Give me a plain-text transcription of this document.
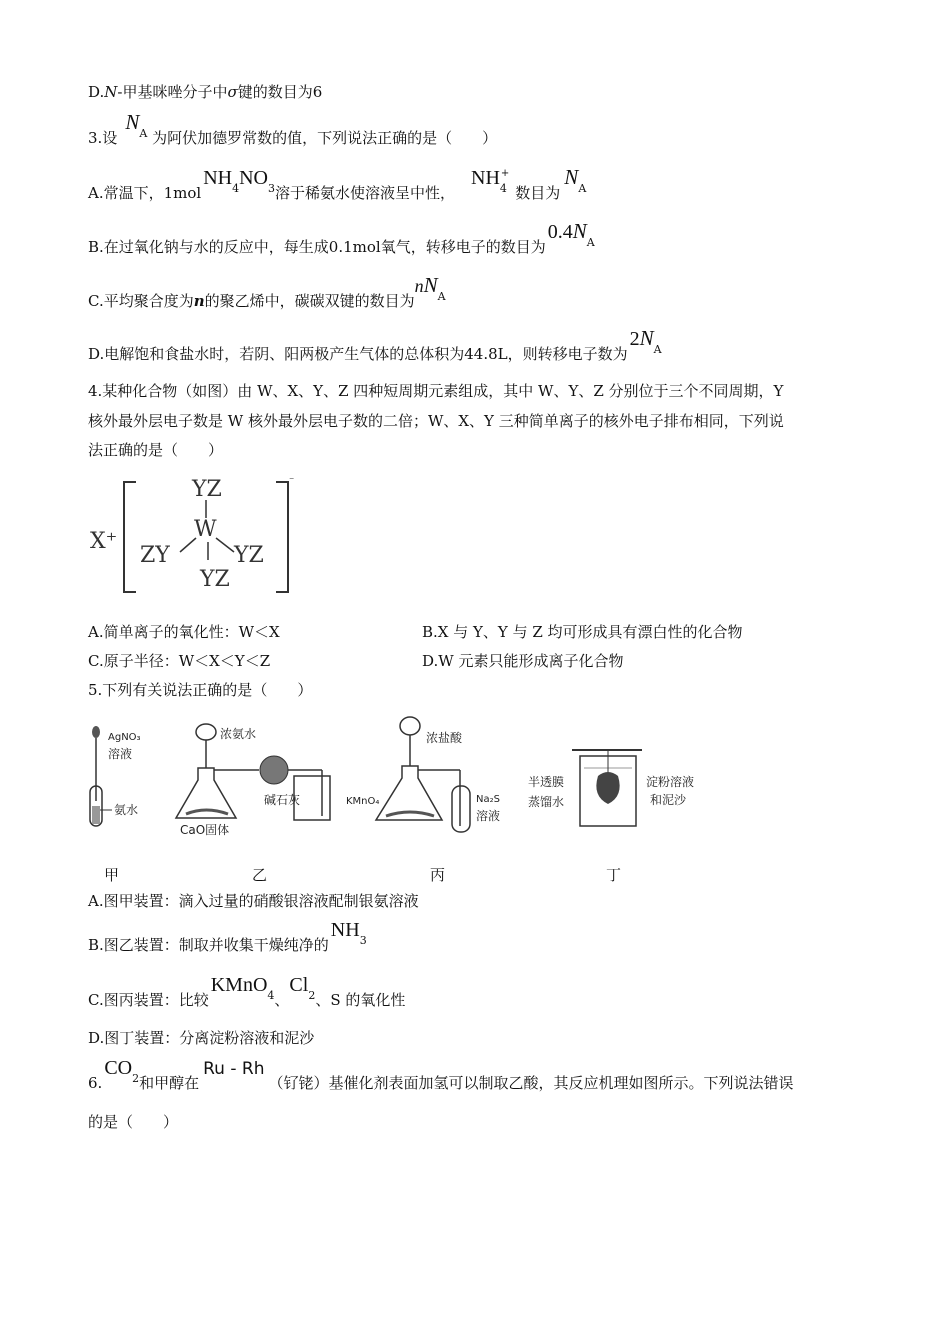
D.N-甲基咪唑分子中σ键的数目为6
3.设$N^A$ 为阿伏加德罗常数的值，下列说法正确的是（　　）
A.常温下，$1molNH^4NO^3$溶于稀氨水使溶液呈中性，$NH^{4+}$数目为$N^A$
B.在过氧化钠与水的反应中，每生成0.1mol氧气，转移电子的数目为$0.4N^A$
C.平均聚合度为n的聚乙烯中，碳碳双键的数目为$nN^A$
D.电解饱和食盐水时，若阴、阳两极产生气体的总体积为44.8L，则转移电子数为$2N^A$
4.某种化合物（如图）由 W、X、Y、Z 四种短周期元素组成，其中 W、Y、Z 分别位于三个不同周期，Y
核外最外层电子数是 W 核外最外层电子数的二倍；W、X、Y 三种简单离子的核外电子排布相同，下列说
法正确的是（　　）
X⁺
⁻
YZ
W
ZY	YZ
YZ
A.简单离子的氧化性：W＜X	B.X 与 Y、Y 与 Z 均可形成具有漂白性的化合物
C.原子半径：W＜X＜Y＜Z	D.W 元素只能形成离子化合物
5.下列有关说法正确的是（　　）
AgNO₃
溶液
氨水
浓氨水
碱石灰
CaO固体
浓盐酸
KMnO₄	Na₂S
溶液
半透膜
蒸馏水
淀粉溶液
和泥沙
甲	乙	丙	丁
A.图甲装置：滴入过量的硝酸银溶液配制银氨溶液
B.图乙装置：制取并收集干燥纯净的$NH^3$
C.图丙装置：比较KMnO$^4$、Cl$^2$、S 的氧化性
D.图丁装置：分离淀粉溶液和泥沙
$6.CO^2$和甲醇在Ru - Rh（钌铑）基催化剂表面加氢可以制取乙酸，其反应机理如图所示。下列说法错误
的是（　　）
